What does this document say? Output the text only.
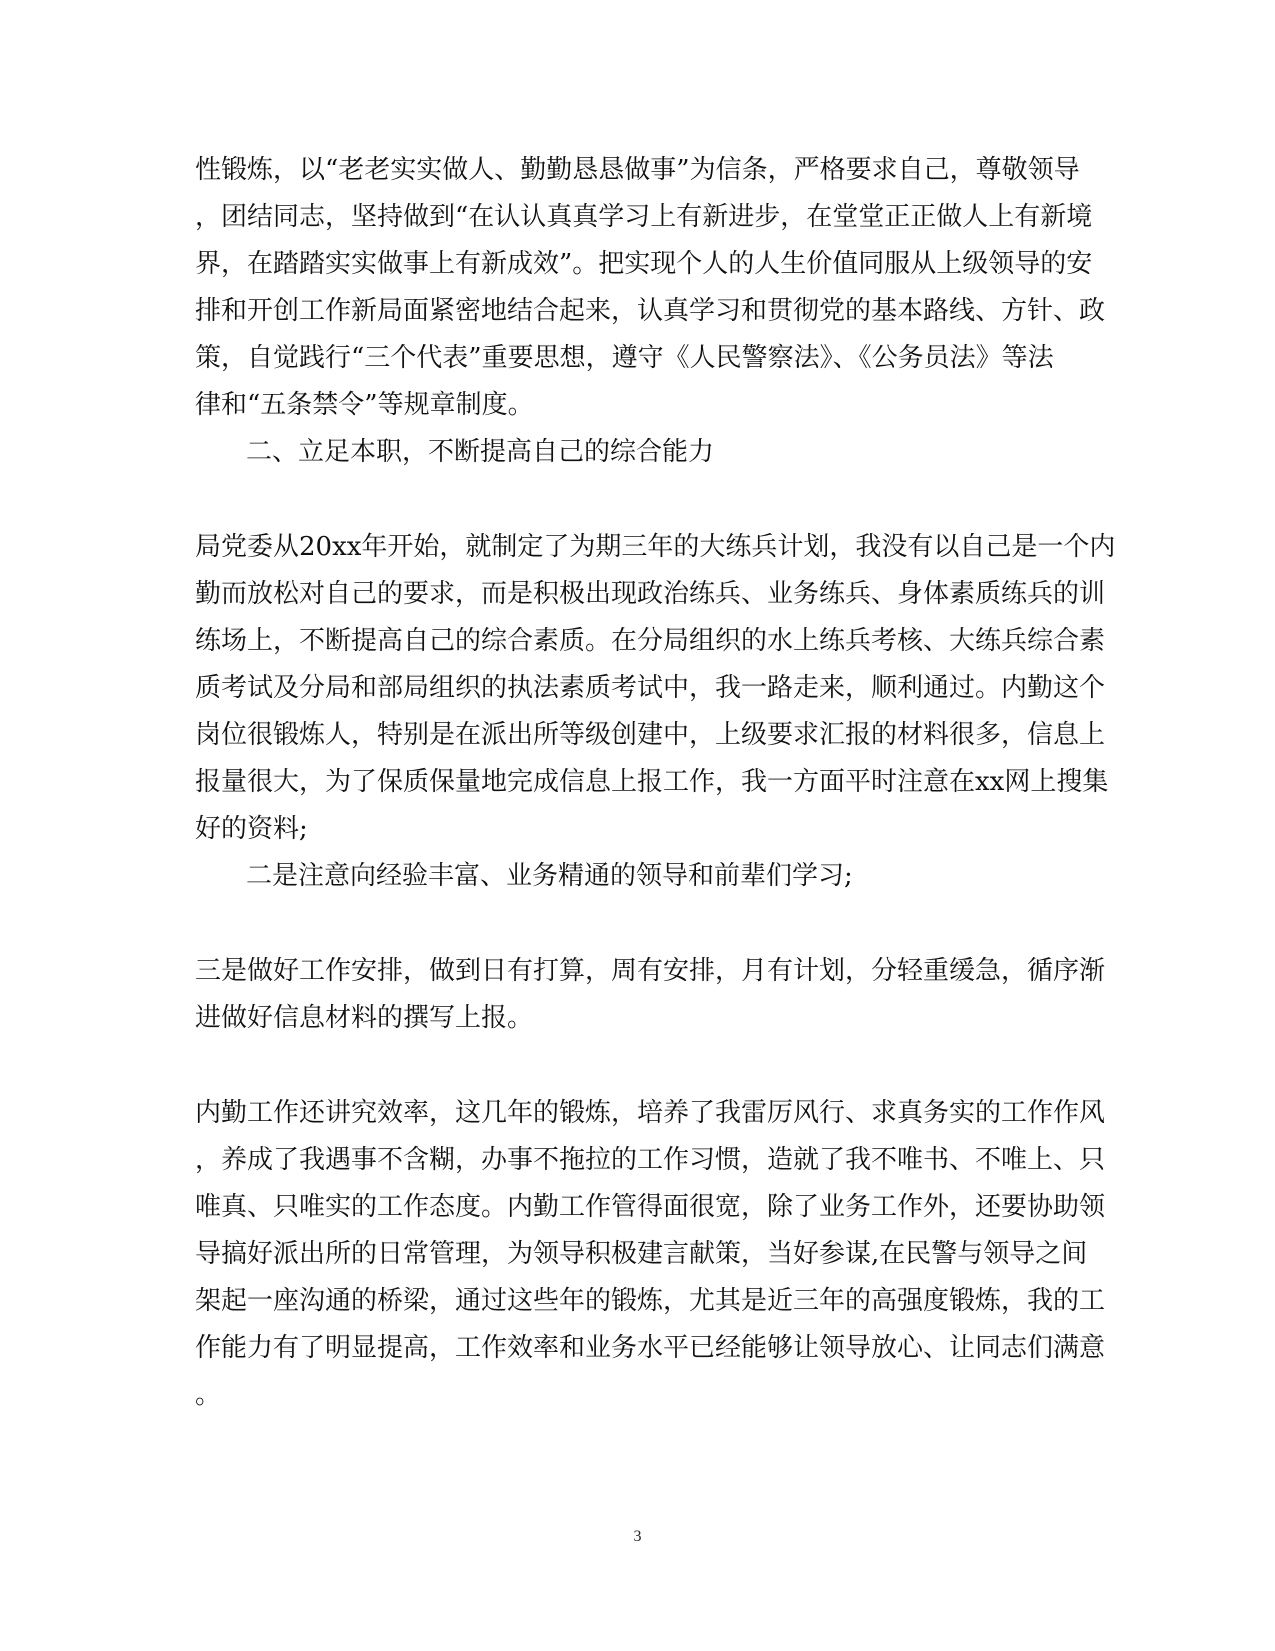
性锻炼，以“老老实实做人、勤勤恳恳做事”为信条，严格要求自己，尊敬领导
，团结同志，坚持做到“在认认真真学习上有新进步，在堂堂正正做人上有新境
界，在踏踏实实做事上有新成效”。把实现个人的人生价值同服从上级领导的安
排和开创工作新局面紧密地结合起来，认真学习和贯彻党的基本路线、方针、政
策，自觉践行“三个代表”重要思想，遵守《人民警察法》、《公务员法》等法
律和“五条禁令”等规章制度。
二、立足本职，不断提高自己的综合能力
局党委从20xx年开始，就制定了为期三年的大练兵计划，我没有以自己是一个内
勤而放松对自己的要求，而是积极出现政治练兵、业务练兵、身体素质练兵的训
练场上，不断提高自己的综合素质。在分局组织的水上练兵考核、大练兵综合素
质考试及分局和部局组织的执法素质考试中，我一路走来，顺利通过。内勤这个
岗位很锻炼人，特别是在派出所等级创建中，上级要求汇报的材料很多，信息上
报量很大，为了保质保量地完成信息上报工作，我一方面平时注意在xx网上搜集
好的资料;
二是注意向经验丰富、业务精通的领导和前辈们学习;
三是做好工作安排，做到日有打算，周有安排，月有计划，分轻重缓急，循序渐
进做好信息材料的撰写上报。
内勤工作还讲究效率，这几年的锻炼，培养了我雷厉风行、求真务实的工作作风
，养成了我遇事不含糊，办事不拖拉的工作习惯，造就了我不唯书、不唯上、只
唯真、只唯实的工作态度。内勤工作管得面很宽，除了业务工作外，还要协助领
导搞好派出所的日常管理，为领导积极建言献策，当好参谋,在民警与领导之间
架起一座沟通的桥梁，通过这些年的锻炼，尤其是近三年的高强度锻炼，我的工
作能力有了明显提高，工作效率和业务水平已经能够让领导放心、让同志们满意
。
3
